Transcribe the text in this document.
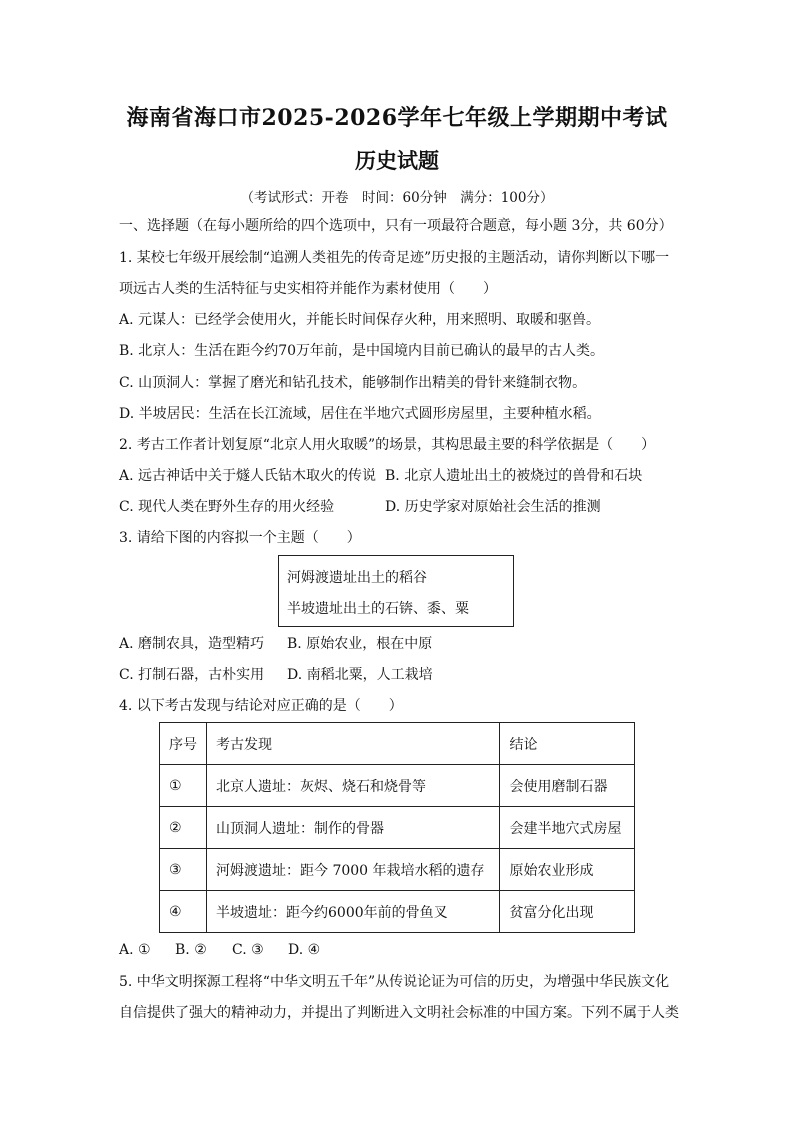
海南省海口市2025-2026学年七年级上学期期中考试
历史试题
（考试形式：开卷　时间：60分钟　满分：100分）
一、选择题（在每小题所给的四个选项中，只有一项最符合题意，每小题 3分，共 60分）
1. 某校七年级开展绘制“追溯人类祖先的传奇足迹”历史报的主题活动，请你判断以下哪一
项远古人类的生活特征与史实相符并能作为素材使用（　　）
A. 元谋人：已经学会使用火，并能长时间保存火种，用来照明、取暖和驱兽。
B. 北京人：生活在距今约70万年前，是中国境内目前已确认的最早的古人类。
C. 山顶洞人：掌握了磨光和钻孔技术，能够制作出精美的骨针来缝制衣物。
D. 半坡居民：生活在长江流域，居住在半地穴式圆形房屋里，主要种植水稻。
2. 考古工作者计划复原“北京人用火取暖”的场景，其构思最主要的科学依据是（　　）
A. 远古神话中关于燧人氏钻木取火的传说 B. 北京人遗址出土的被烧过的兽骨和石块
C. 现代人类在野外生存的用火经验	D. 历史学家对原始社会生活的推测
3. 请给下图的内容拟一个主题（　　）
河姆渡遗址出土的稻谷
半坡遗址出土的石锛、黍、粟
A. 磨制农具，造型精巧 B. 原始农业，根在中原
C. 打制石器，古朴实用 D. 南稻北粟，人工栽培
4. 以下考古发现与结论对应正确的是（　　）
序号	考古发现	结论
①	北京人遗址：灰烬、烧石和烧骨等	会使用磨制石器
②	山顶洞人遗址：制作的骨器	会建半地穴式房屋
③	河姆渡遗址：距今 7000 年栽培水稻的遗存	原始农业形成
④	半坡遗址：距今约6000年前的骨鱼叉	贫富分化出现
A. ① B. ② C. ③ D. ④
5. 中华文明探源工程将“中华文明五千年”从传说论证为可信的历史，为增强中华民族文化
自信提供了强大的精神动力，并提出了判断进入文明社会标准的中国方案。下列不属于人类
